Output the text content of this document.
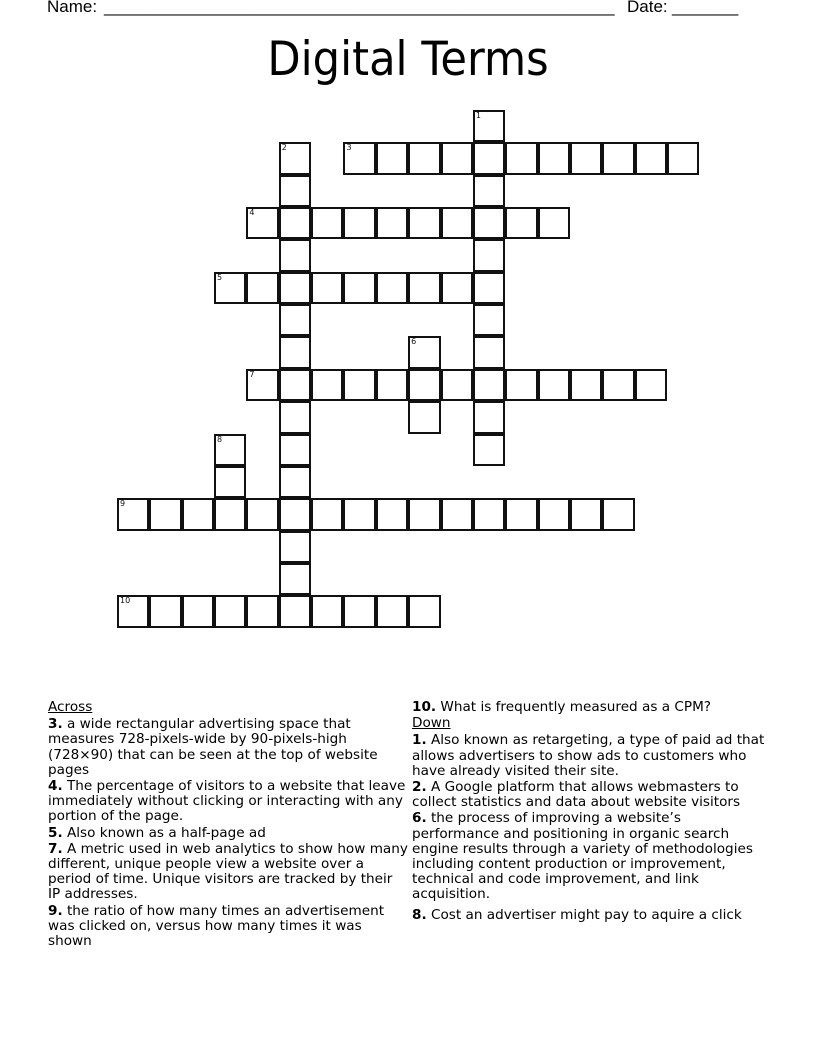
Name: ______________________________________________________ Date: _______
Digital Terms
1
2	3
4
5
6
7
8
9
10
Across
3. a wide rectangular advertising space that measures 728-pixels-wide by 90-pixels-high (728×90) that can be seen at the top of website pages
4. The percentage of visitors to a website that leave immediately without clicking or interacting with any portion of the page.
5. Also known as a half-page ad
7. A metric used in web analytics to show how many different, unique people view a website over a period of time. Unique visitors are tracked by their IP addresses.
9. the ratio of how many times an advertisement was clicked on, versus how many times it was shown
10. What is frequently measured as a CPM?
Down
1. Also known as retargeting, a type of paid ad that allows advertisers to show ads to customers who have already visited their site.
2. A Google platform that allows webmasters to collect statistics and data about website visitors
6. the process of improving a website’s performance and positioning in organic search engine results through a variety of methodologies including content production or improvement, technical and code improvement, and link acquisition.
8. Cost an advertiser might pay to aquire a click
